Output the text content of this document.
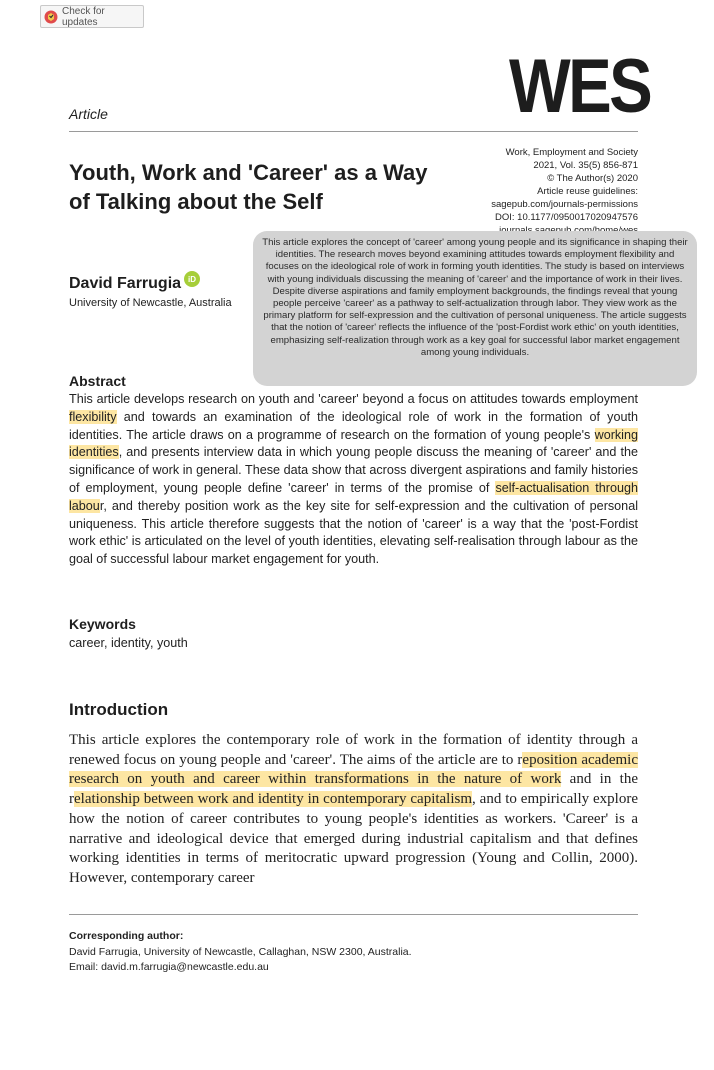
Check for updates
WES
Article
Youth, Work and 'Career' as a Way of Talking about the Self
Work, Employment and Society
2021, Vol. 35(5) 856-871
© The Author(s) 2020
Article reuse guidelines:
sagepub.com/journals-permissions
DOI: 10.1177/0950017020947576
David Farrugia iD
University of Newcastle, Australia
This article explores the concept of 'career' among young people and its significance in shaping their identities. The research moves beyond examining attitudes towards employment flexibility and focuses on the ideological role of work in forming youth identities. The study is based on interviews with young individuals discussing the meaning of 'career' and the importance of work in their lives. Despite diverse aspirations and family employment backgrounds, the findings reveal that young people perceive 'career' as a pathway to self-actualization through labor. They view work as the primary platform for self-expression and the cultivation of personal uniqueness. The article suggests that the notion of 'career' reflects the influence of the 'post-Fordist work ethic' on youth identities, emphasizing self-realization through work as a key goal for successful labor market engagement among young individuals.
Abstract
This article develops research on youth and 'career' beyond a focus on attitudes towards employment flexibility and towards an examination of the ideological role of work in the formation of youth identities. The article draws on a programme of research on the formation of young people's working identities, and presents interview data in which young people discuss the meaning of 'career' and the significance of work in general. These data show that across divergent aspirations and family histories of employment, young people define 'career' in terms of the promise of self-actualisation through labour, and thereby position work as the key site for self-expression and the cultivation of personal uniqueness. This article therefore suggests that the notion of 'career' is a way that the 'post-Fordist work ethic' is articulated on the level of youth identities, elevating self-realisation through labour as the goal of successful labour market engagement for youth.
Keywords
career, identity, youth
Introduction
This article explores the contemporary role of work in the formation of identity through a renewed focus on young people and 'career'. The aims of the article are to reposition academic research on youth and career within transformations in the nature of work and in the relationship between work and identity in contemporary capitalism, and to empirically explore how the notion of career contributes to young people's identities as workers. 'Career' is a narrative and ideological device that emerged during industrial capitalism and that defines working identities in terms of meritocratic upward progression (Young and Collin, 2000). However, contemporary career
Corresponding author:
David Farrugia, University of Newcastle, Callaghan, NSW 2300, Australia.
Email: david.m.farrugia@newcastle.edu.au
